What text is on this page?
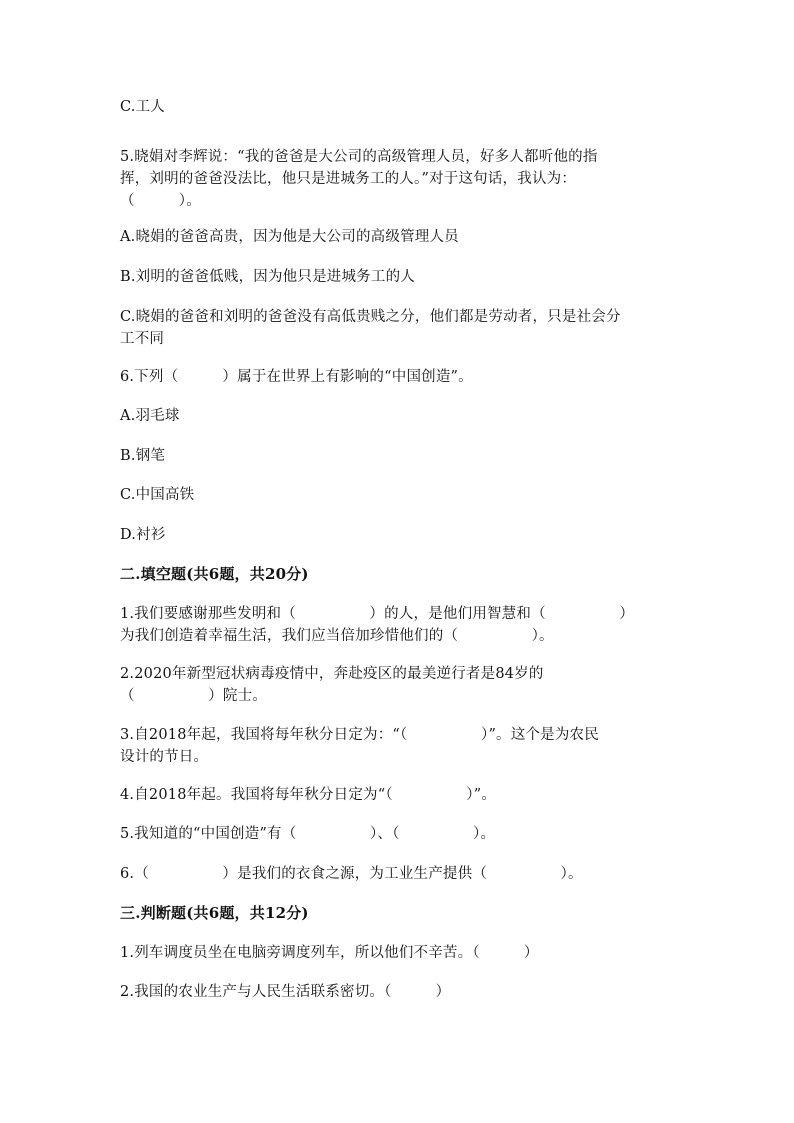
C.工人
5.晓娟对李辉说：“我的爸爸是大公司的高级管理人员，好多人都听他的指
挥，刘明的爸爸没法比，他只是进城务工的人。”对于这句话，我认为：
（　　　）。
A.晓娟的爸爸高贵，因为他是大公司的高级管理人员
B.刘明的爸爸低贱，因为他只是进城务工的人
C.晓娟的爸爸和刘明的爸爸没有高低贵贱之分，他们都是劳动者，只是社会分
工不同
6.下列（　　　）属于在世界上有影响的“中国创造”。
A.羽毛球
B.钢笔
C.中国高铁
D.衬衫
二.填空题(共6题，共20分)
1.我们要感谢那些发明和（　　　　　）的人，是他们用智慧和（　　　　　）
为我们创造着幸福生活，我们应当倍加珍惜他们的（　　　　　）。
2.2020年新型冠状病毒疫情中，奔赴疫区的最美逆行者是84岁的
（　　　　　）院士。
3.自2018年起，我国将每年秋分日定为：“（　　　　　）”。这个是为农民
设计的节日。
4.自2018年起。我国将每年秋分日定为“（　　　　　）”。
5.我知道的“中国创造”有（　　　　　）、（　　　　　）。
6.（　　　　　）是我们的衣食之源，为工业生产提供（　　　　　）。
三.判断题(共6题，共12分)
1.列车调度员坐在电脑旁调度列车，所以他们不辛苦。（　　　）
2.我国的农业生产与人民生活联系密切。（　　　）
